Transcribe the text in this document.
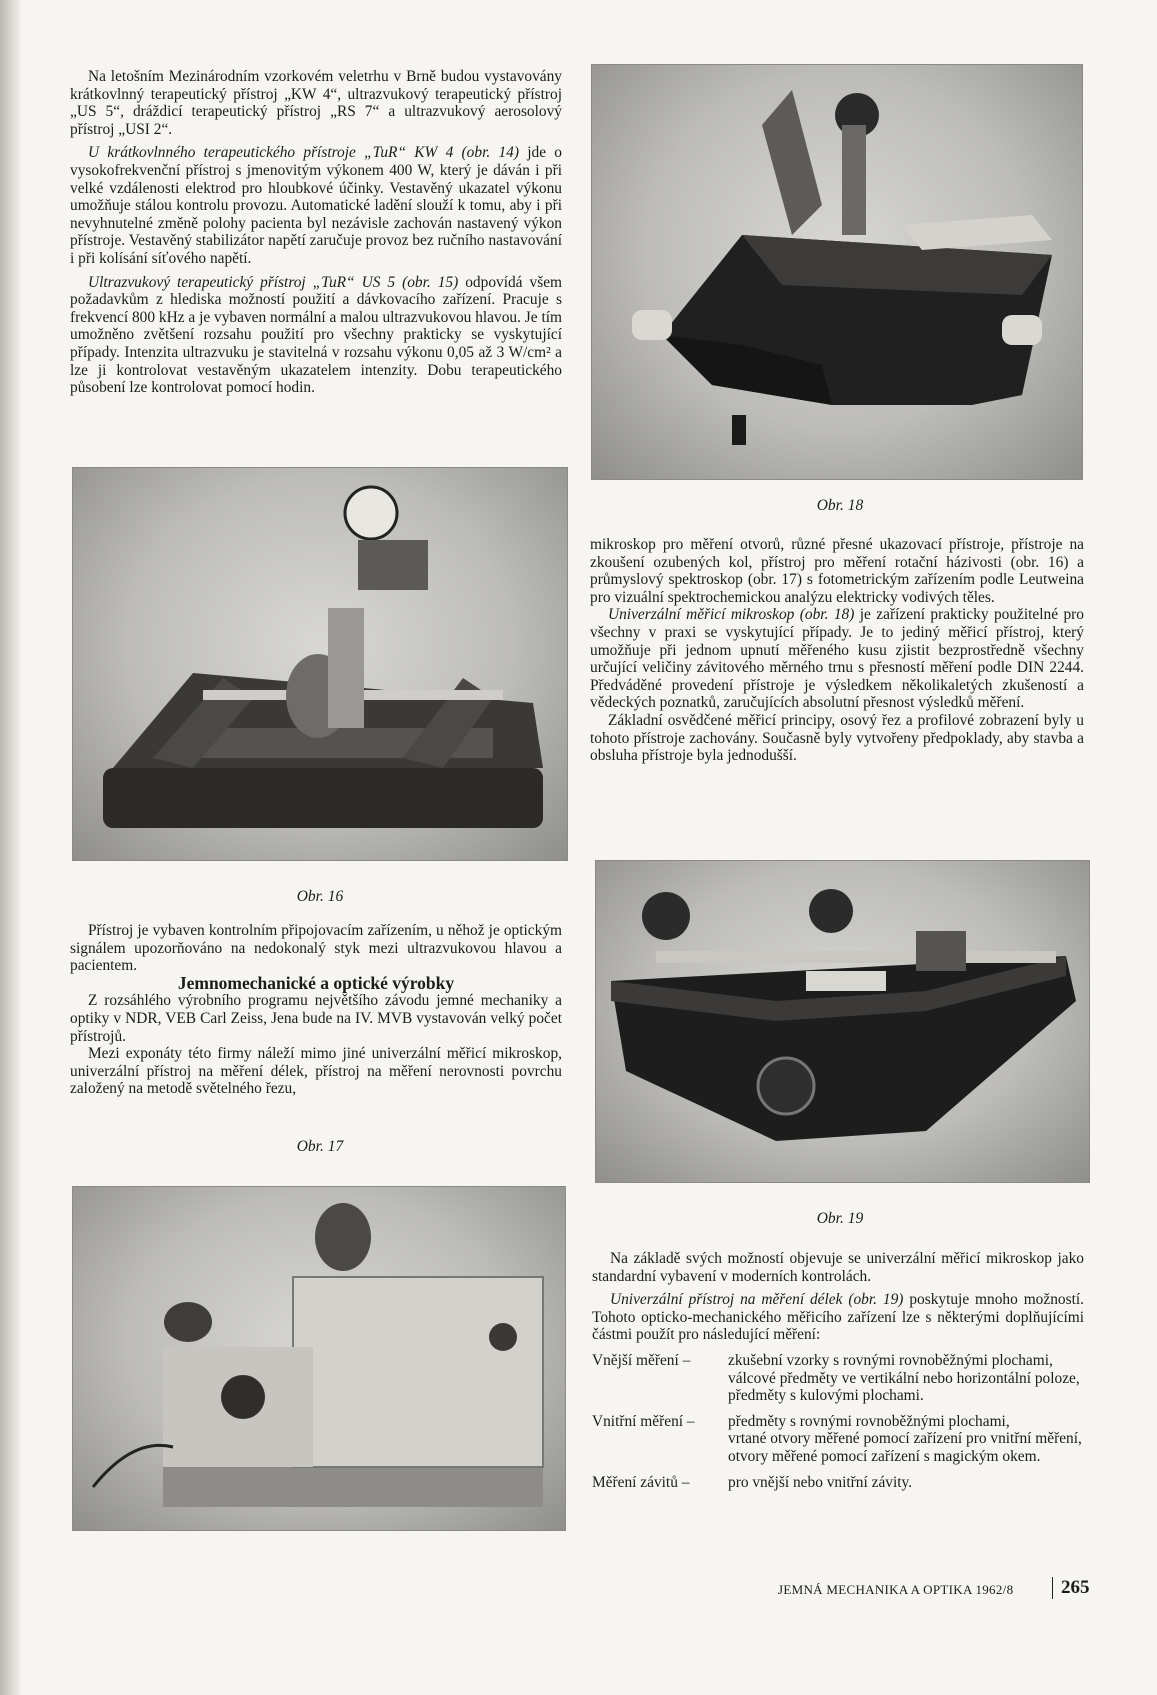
Na letošním Mezinárodním vzorkovém veletrhu v Brně budou vystavovány krátkovlnný terapeutický přístroj „KW 4“, ultrazvukový terapeutický přístroj „US 5“, dráždicí terapeutický přístroj „RS 7“ a ultrazvukový aerosolový přístroj „USI 2“.

U krátkovlnného terapeutického přístroje „TuR“ KW 4 (obr. 14) jde o vysokofrekvenční přístroj s jmenovitým výkonem 400 W, který je dáván i při velké vzdálenosti elektrod pro hloubkové účinky. Vestavěný ukazatel výkonu umožňuje stálou kontrolu provozu. Automatické ladění slouží k tomu, aby i při nevyhnutelné změně polohy pacienta byl nezávisle zachován nastavený výkon přístroje. Vestavěný stabilizátor napětí zaručuje provoz bez ručního nastavování i při kolísání síťového napětí.

Ultrazvukový terapeutický přístroj „TuR“ US 5 (obr. 15) odpovídá všem požadavkům z hlediska možností použití a dávkovacího zařízení. Pracuje s frekvencí 800 kHz a je vybaven normální a malou ultrazvukovou hlavou. Je tím umožněno zvětšení rozsahu použití pro všechny prakticky se vyskytující případy. Intenzita ultrazvuku je stavitelná v rozsahu výkonu 0,05 až 3 W/cm² a lze ji kontrolovat vestavěným ukazatelem intenzity. Dobu terapeutického působení lze kontrolovat pomocí hodin.

Obr. 16

Přístroj je vybaven kontrolním připojovacím zařízením, u něhož je optickým signálem upozorňováno na nedokonalý styk mezi ultrazvukovou hlavou a pacientem.

Jemnomechanické a optické výrobky

Z rozsáhlého výrobního programu největšího závodu jemné mechaniky a optiky v NDR, VEB Carl Zeiss, Jena bude na IV. MVB vystavován velký počet přístrojů.

Mezi exponáty této firmy náleží mimo jiné univerzální měřicí mikroskop, univerzální přístroj na měření délek, přístroj na měření nerovnosti povrchu založený na metodě světelného řezu,

Obr. 17
Obr. 18

mikroskop pro měření otvorů, různé přesné ukazovací přístroje, přístroje na zkoušení ozubených kol, přístroj pro měření rotační házivosti (obr. 16) a průmyslový spektroskop (obr. 17) s fotometrickým zařízením podle Leutweina pro vizuální spektrochemickou analýzu elektricky vodivých těles.

Univerzální měřicí mikroskop (obr. 18) je zařízení prakticky použitelné pro všechny v praxi se vyskytující případy. Je to jediný měřicí přístroj, který umožňuje při jednom upnutí měřeného kusu zjistit bezprostředně všechny určující veličiny závitového měrného trnu s přesností měření podle DIN 2244. Předváděné provedení přístroje je výsledkem několikaletých zkušeností a vědeckých poznatků, zaručujících absolutní přesnost výsledků měření.

Základní osvědčené měřicí principy, osový řez a profilové zobrazení byly u tohoto přístroje zachovány. Současně byly vytvořeny předpoklady, aby stavba a obsluha přístroje byla jednodušší.

Obr. 19

Na základě svých možností objevuje se univerzální měřicí mikroskop jako standardní vybavení v moderních kontrolách.

Univerzální přístroj na měření délek (obr. 19) poskytuje mnoho možností. Tohoto opticko-mechanického měřicího zařízení lze s některými doplňujícími částmi použít pro následující měření:

Vnější měření –	zkušební vzorky s rovnými rovnoběžnými plochami, válcové předměty ve vertikální nebo horizontální poloze,
předměty s kulovými plochami.
Vnitřní měření –	předměty s rovnými rovnoběžnými plochami,
vrtané otvory měřené pomocí zařízení pro vnitřní měření,
otvory měřené pomocí zařízení s magickým okem.
Měření závitů –	pro vnější nebo vnitřní závity.
JEMNÁ MECHANIKA A OPTIKA 1962/8	265
